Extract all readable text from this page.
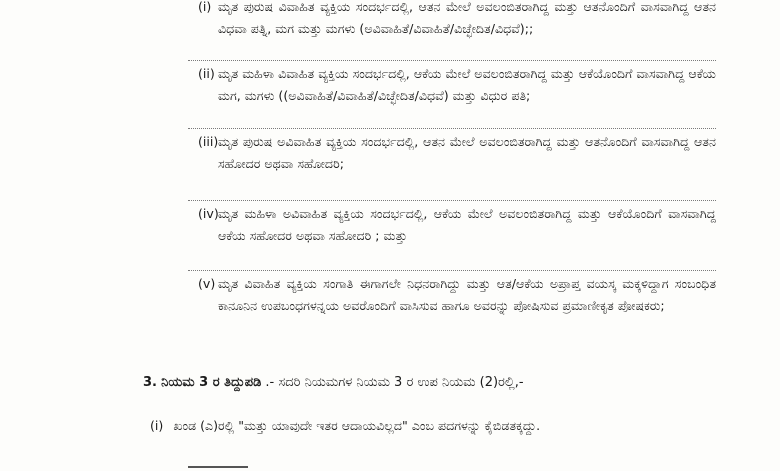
(i) ಮೃತ ಪುರುಷ ವಿವಾಹಿತ ವ್ಯಕ್ತಿಯ ಸಂದರ್ಭದಲ್ಲಿ, ಆತನ ಮೇಲೆ ಅವಲಂಬಿತರಾಗಿದ್ದ ಮತ್ತು ಆತನೊಂದಿಗೆ ವಾಸವಾಗಿದ್ದ ಆತನ ವಿಧವಾ ಪತ್ನಿ, ಮಗ ಮತ್ತು ಮಗಳು (ಅವಿವಾಹಿತೆ/ವಿವಾಹಿತೆ/ವಿಚ್ಛೇದಿತ/ವಿಧವೆ);;
(ii) ಮೃತ ಮಹಿಳಾ ವಿವಾಹಿತ ವ್ಯಕ್ತಿಯ ಸಂದರ್ಭದಲ್ಲಿ, ಆಕೆಯ ಮೇಲೆ ಅವಲಂಬಿತರಾಗಿದ್ದ ಮತ್ತು ಆಕೆಯೊಂದಿಗೆ ವಾಸವಾಗಿದ್ದ ಆಕೆಯ ಮಗ, ಮಗಳು ((ಅವಿವಾಹಿತೆ/ವಿವಾಹಿತೆ/ವಿಚ್ಛೇದಿತ/ವಿಧವೆ) ಮತ್ತು ವಿಧುರ ಪತಿ;
(iii) ಮೃತ ಪುರುಷ ಅವಿವಾಹಿತ ವ್ಯಕ್ತಿಯ ಸಂದರ್ಭದಲ್ಲಿ, ಆತನ ಮೇಲೆ ಅವಲಂಬಿತರಾಗಿದ್ದ ಮತ್ತು ಆತನೊಂದಿಗೆ ವಾಸವಾಗಿದ್ದ ಆತನ ಸಹೋದರ ಅಥವಾ ಸಹೋದರಿ;
(iv) ಮೃತ ಮಹಿಳಾ ಅವಿವಾಹಿತ ವ್ಯಕ್ತಿಯ ಸಂದರ್ಭದಲ್ಲಿ, ಆಕೆಯ ಮೇಲೆ ಅವಲಂಬಿತರಾಗಿದ್ದ ಮತ್ತು ಆಕೆಯೊಂದಿಗೆ ವಾಸವಾಗಿದ್ದ ಆಕೆಯ ಸಹೋದರ ಅಥವಾ ಸಹೋದರಿ ; ಮತ್ತು
(v) ಮೃತ ವಿವಾಹಿತ ವ್ಯಕ್ತಿಯ ಸಂಗಾತಿ ಈಗಾಗಲೇ ನಿಧನರಾಗಿದ್ದು ಮತ್ತು ಆತ/ಆಕೆಯ ಅಪ್ರಾಪ್ತ ವಯಸ್ಕ ಮಕ್ಕಳಿದ್ದಾಗ ಸಂಬಂಧಿತ ಕಾನೂನಿನ ಉಪಬಂಧಗಳನ್ನಯ ಅವರೊಂದಿಗೆ ವಾಸಿಸುವ ಹಾಗೂ ಅವರನ್ನು ಪೋಷಿಸುವ ಪ್ರಮಾಣೀಕೃತ ಪೋಷಕರು;
3. ನಿಯಮ 3 ರ ತಿದ್ದುಪಡಿ .- ಸದರಿ ನಿಯಮಗಳ ನಿಯಮ 3 ರ ಉಪ ನಿಯಮ (2)ರಲ್ಲಿ,-
(i) ಖಂಡ (ಎ)ರಲ್ಲಿ "ಮತ್ತು ಯಾವುದೇ ಇತರ ಆದಾಯವಿಲ್ಲದ" ಎಂಬ ಪದಗಳನ್ನು ಕೈಬಿಡತಕ್ಕದ್ದು.
